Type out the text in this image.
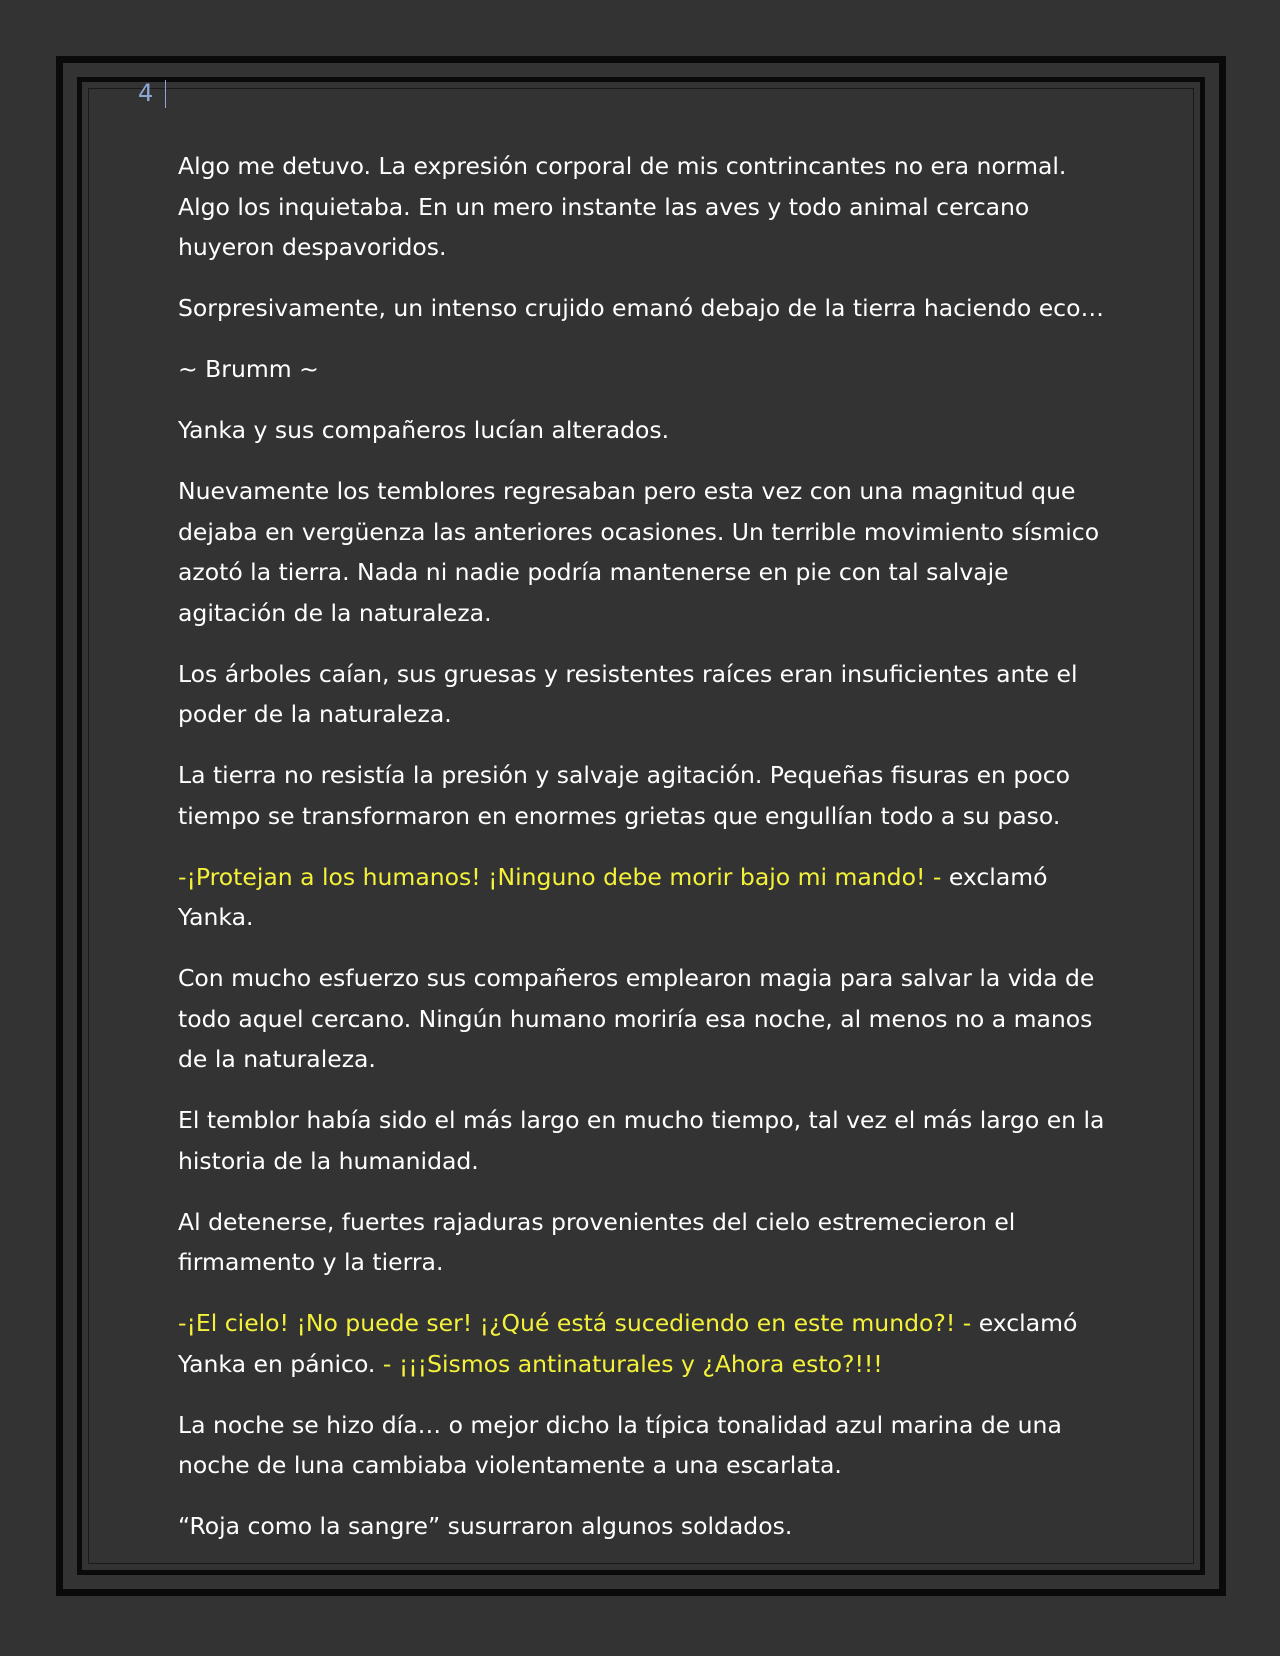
4

Algo me detuvo. La expresión corporal de mis contrincantes no era normal. Algo los inquietaba. En un mero instante las aves y todo animal cercano huyeron despavoridos.

Sorpresivamente, un intenso crujido emanó debajo de la tierra haciendo eco…

~ Brumm ~

Yanka y sus compañeros lucían alterados.

Nuevamente los temblores regresaban pero esta vez con una magnitud que dejaba en vergüenza las anteriores ocasiones. Un terrible movimiento sísmico azotó la tierra. Nada ni nadie podría mantenerse en pie con tal salvaje agitación de la naturaleza.

Los árboles caían, sus gruesas y resistentes raíces eran insuficientes ante el poder de la naturaleza.

La tierra no resistía la presión y salvaje agitación. Pequeñas fisuras en poco tiempo se transformaron en enormes grietas que engullían todo a su paso.

-¡Protejan a los humanos! ¡Ninguno debe morir bajo mi mando! - exclamó Yanka.

Con mucho esfuerzo sus compañeros emplearon magia para salvar la vida de todo aquel cercano. Ningún humano moriría esa noche, al menos no a manos de la naturaleza.

El temblor había sido el más largo en mucho tiempo, tal vez el más largo en la historia de la humanidad.

Al detenerse, fuertes rajaduras provenientes del cielo estremecieron el firmamento y la tierra.

-¡El cielo! ¡No puede ser! ¡¿Qué está sucediendo en este mundo?! - exclamó Yanka en pánico. - ¡¡¡Sismos antinaturales y ¿Ahora esto?!!!

La noche se hizo día… o mejor dicho la típica tonalidad azul marina de una noche de luna cambiaba violentamente a una escarlata.

“Roja como la sangre” susurraron algunos soldados.
